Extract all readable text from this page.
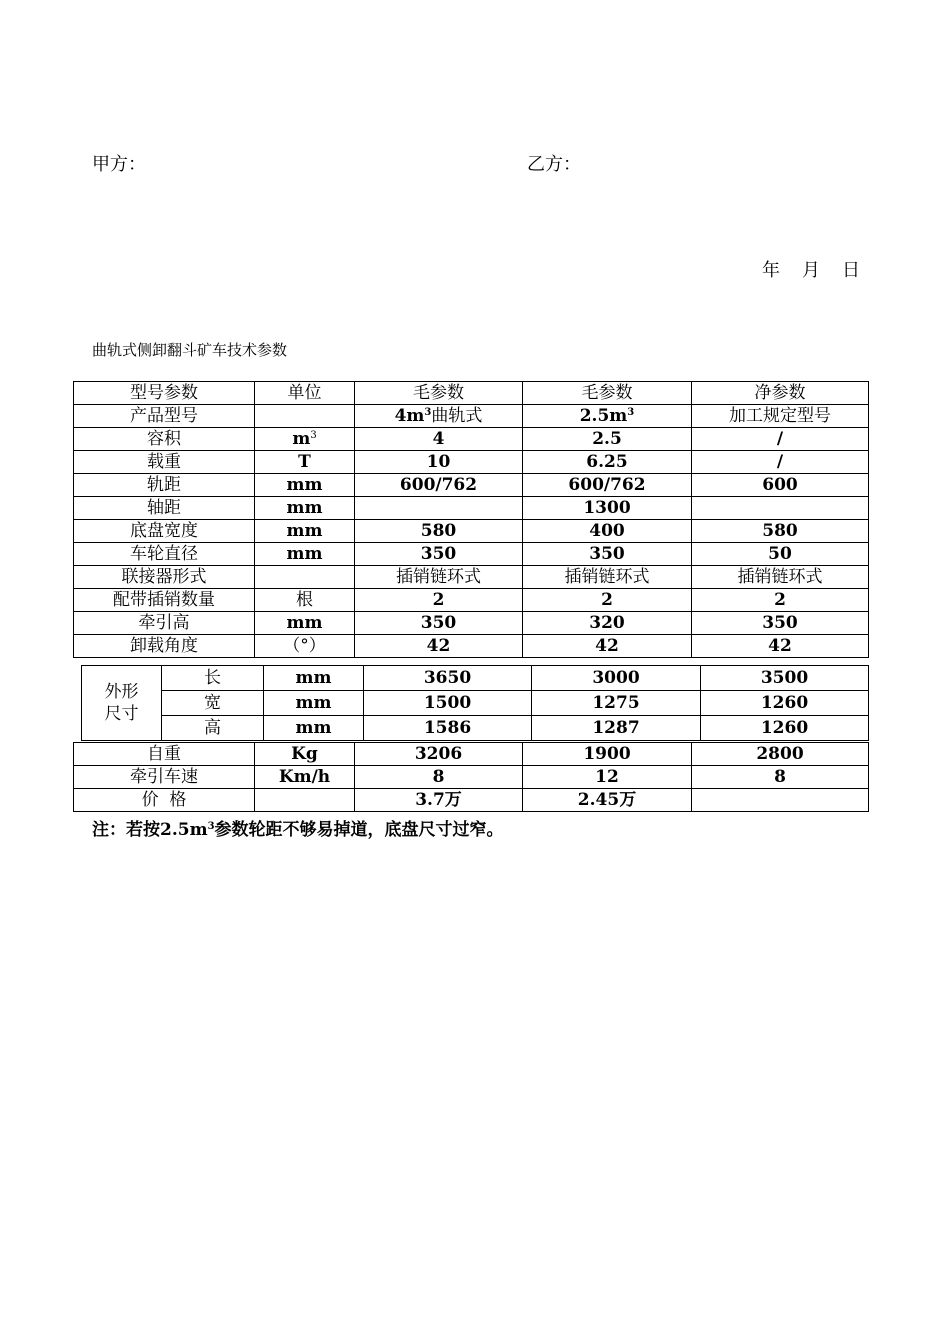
甲方：	乙方：
年 月 日
曲轨式侧卸翻斗矿车技术参数
型号参数	单位	毛参数	毛参数	净参数
产品型号		$4m^3$曲轨式	$2.5m^3$	加工规定型号
容积	$m^3$	4	2.5	/
载重	T	10	6.25	/
轨距	mm	600/762	600/762	600
轴距	mm		1300	
底盘宽度	mm	580	400	580
车轮直径	mm	350	350	50
联接器形式		插销链环式	插销链环式	插销链环式
配带插销数量	根	2	2	2
牵引高	mm	350	320	350
卸载角度	（°）	42	42	42
外形尺寸	长	mm	3650	3000	3500
	宽	mm	1500	1275	1260
	高	mm	1586	1287	1260
自重	Kg	3206	1900	2800
牵引车速	Km/h	8	12	8
价  格		3.7万	2.45万	
注：若按$2.5m^3$参数轮距不够易掉道，底盘尺寸过窄。
